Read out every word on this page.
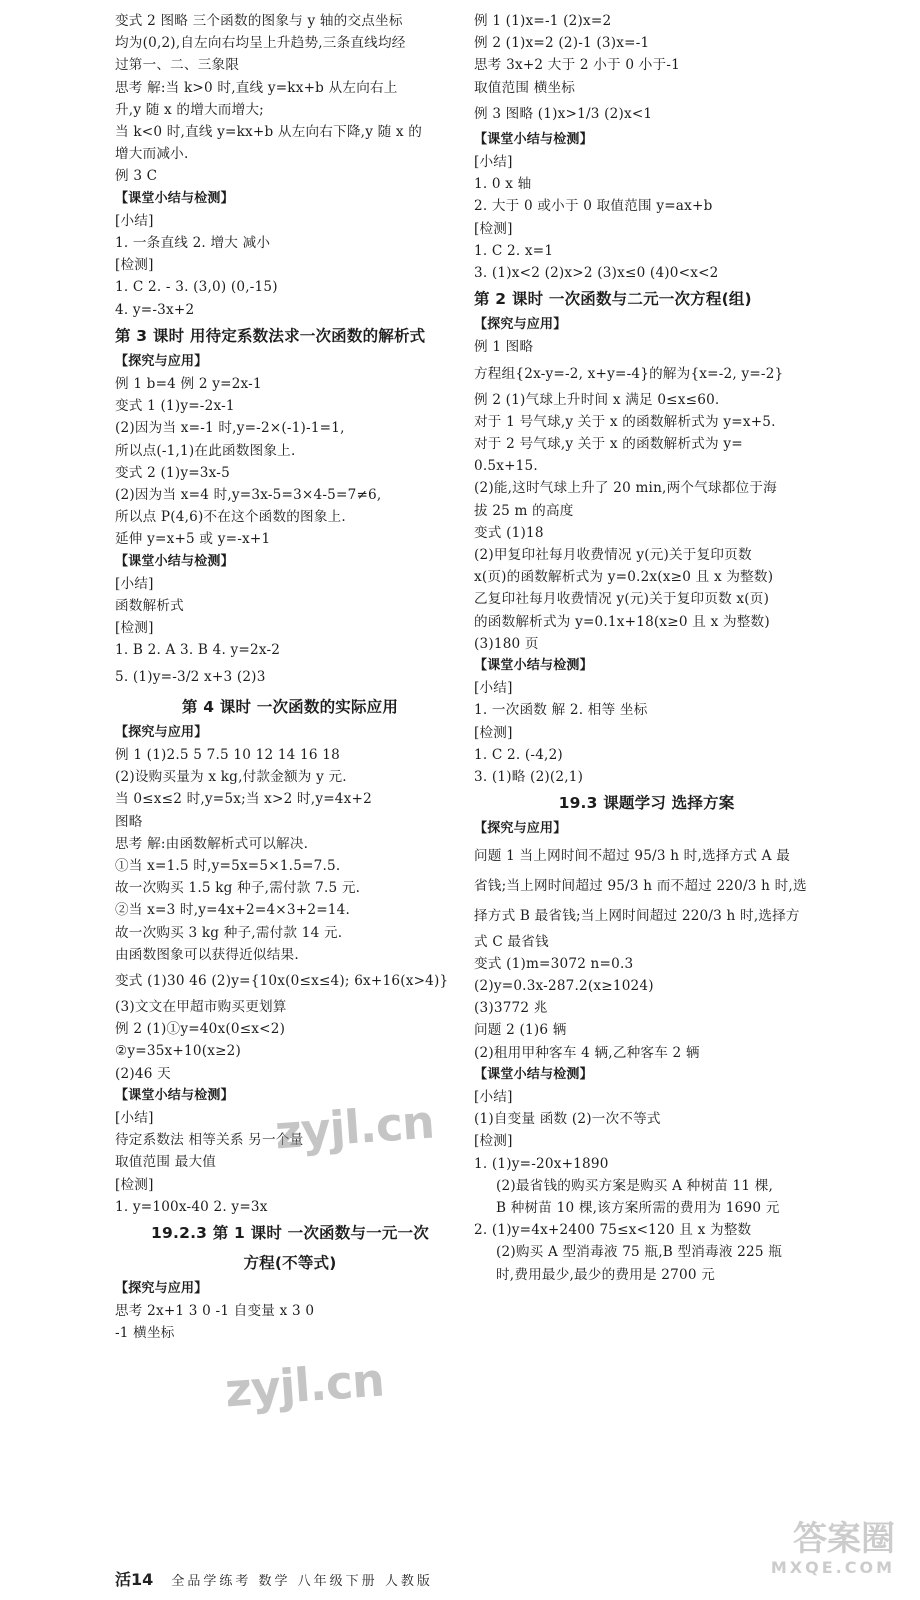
变式 2 图略 三个函数的图象与 y 轴的交点坐标
均为(0,2),自左向右均呈上升趋势,三条直线均经
过第一、二、三象限
思考 解:当 k>0 时,直线 y=kx+b 从左向右上
升,y 随 x 的增大而增大;
当 k<0 时,直线 y=kx+b 从左向右下降,y 随 x 的
增大而减小.
例 3 C
【课堂小结与检测】
[小结]
1. 一条直线 2. 增大 减小
[检测]
1. C 2. - 3. (3,0) (0,-15)
4. y=-3x+2
第 3 课时 用待定系数法求一次函数的解析式
【探究与应用】
例 1 b=4 例 2 y=2x-1
变式 1 (1)y=-2x-1
(2)因为当 x=-1 时,y=-2×(-1)-1=1,
所以点(-1,1)在此函数图象上.
变式 2 (1)y=3x-5
(2)因为当 x=4 时,y=3x-5=3×4-5=7≠6,
所以点 P(4,6)不在这个函数的图象上.
延伸 y=x+5 或 y=-x+1
【课堂小结与检测】
[小结]
函数解析式
[检测]
1. B 2. A 3. B 4. y=2x-2
5. (1)y=-3/2 x+3 (2)3
第 4 课时 一次函数的实际应用
【探究与应用】
例 1 (1)2.5 5 7.5 10 12 14 16 18
(2)设购买量为 x kg,付款金额为 y 元.
当 0≤x≤2 时,y=5x;当 x>2 时,y=4x+2
图略
思考 解:由函数解析式可以解决.
①当 x=1.5 时,y=5x=5×1.5=7.5.
故一次购买 1.5 kg 种子,需付款 7.5 元.
②当 x=3 时,y=4x+2=4×3+2=14.
故一次购买 3 kg 种子,需付款 14 元.
由函数图象可以获得近似结果.
变式 (1)30 46 (2)y={10x(0≤x≤4); 6x+16(x>4)}
(3)文文在甲超市购买更划算
例 2 (1)①y=40x(0≤x<2)
②y=35x+10(x≥2)
(2)46 天
【课堂小结与检测】
[小结]
待定系数法 相等关系 另一个量
取值范围 最大值
[检测]
1. y=100x-40 2. y=3x
19.2.3 第 1 课时 一次函数与一元一次
方程(不等式)
【探究与应用】
思考 2x+1 3 0 -1 自变量 x 3 0
-1 横坐标
例 1 (1)x=-1 (2)x=2
例 2 (1)x=2 (2)-1 (3)x=-1
思考 3x+2 大于 2 小于 0 小于-1
取值范围 横坐标
例 3 图略 (1)x>1/3 (2)x<1
【课堂小结与检测】
[小结]
1. 0 x 轴
2. 大于 0 或小于 0 取值范围 y=ax+b
[检测]
1. C 2. x=1
3. (1)x<2 (2)x>2 (3)x≤0 (4)0<x<2
第 2 课时 一次函数与二元一次方程(组)
【探究与应用】
例 1 图略
方程组{2x-y=-2, x+y=-4}的解为{x=-2, y=-2}
例 2 (1)气球上升时间 x 满足 0≤x≤60.
对于 1 号气球,y 关于 x 的函数解析式为 y=x+5.
对于 2 号气球,y 关于 x 的函数解析式为 y=
0.5x+15.
(2)能,这时气球上升了 20 min,两个气球都位于海
拔 25 m 的高度
变式 (1)18
(2)甲复印社每月收费情况 y(元)关于复印页数
x(页)的函数解析式为 y=0.2x(x≥0 且 x 为整数)
乙复印社每月收费情况 y(元)关于复印页数 x(页)
的函数解析式为 y=0.1x+18(x≥0 且 x 为整数)
(3)180 页
【课堂小结与检测】
[小结]
1. 一次函数 解 2. 相等 坐标
[检测]
1. C 2. (-4,2)
3. (1)略 (2)(2,1)
19.3 课题学习 选择方案
【探究与应用】
问题 1 当上网时间不超过 95/3 h 时,选择方式 A 最
省钱;当上网时间超过 95/3 h 而不超过 220/3 h 时,选
择方式 B 最省钱;当上网时间超过 220/3 h 时,选择方
式 C 最省钱
变式 (1)m=3072 n=0.3
(2)y=0.3x-287.2(x≥1024)
(3)3772 兆
问题 2 (1)6 辆
(2)租用甲种客车 4 辆,乙种客车 2 辆
【课堂小结与检测】
[小结]
(1)自变量 函数 (2)一次不等式
[检测]
1. (1)y=-20x+1890
(2)最省钱的购买方案是购买 A 种树苗 11 棵,
B 种树苗 10 棵,该方案所需的费用为 1690 元
2. (1)y=4x+2400 75≤x<120 且 x 为整数
(2)购买 A 型消毒液 75 瓶,B 型消毒液 225 瓶
时,费用最少,最少的费用是 2700 元
zyjl.cn
zyjl.cn
活14 全品学练考 数学 八年级下册 人教版
答案圈
MXQE.COM
